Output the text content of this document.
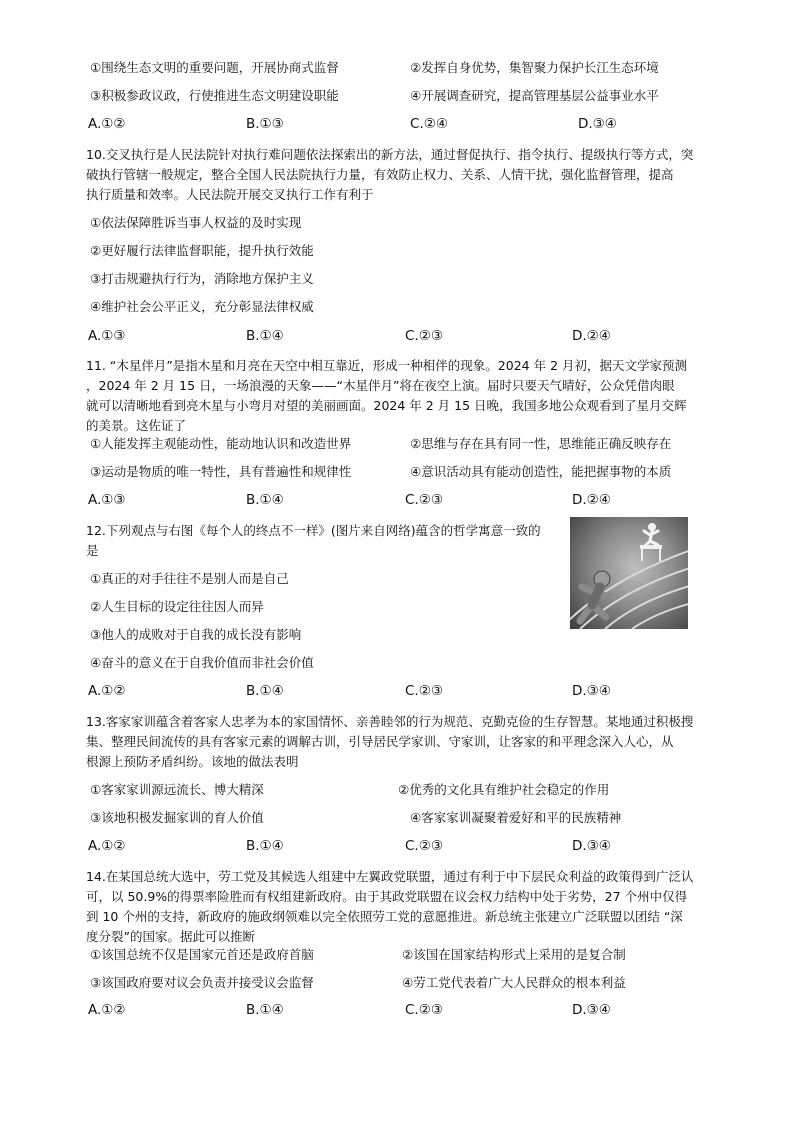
①围绕生态文明的重要问题，开展协商式监督	②发挥自身优势，集智聚力保护长江生态环境
③积极参政议政，行使推进生态文明建设职能	④开展调查研究，提高管理基层公益事业水平
A.①②	B.①③	C.②④	D.③④
10.交叉执行是人民法院针对执行难问题依法探索出的新方法，通过督促执行、指令执行、提级执行等方式，突
破执行管辖一般规定，整合全国人民法院执行力量，有效防止权力、关系、人情干扰，强化监督管理，提高
执行质量和效率。人民法院开展交叉执行工作有利于
①依法保障胜诉当事人权益的及时实现
②更好履行法律监督职能，提升执行效能
③打击规避执行行为，消除地方保护主义
④维护社会公平正义，充分彰显法律权威
A.①③	B.①④	C.②③	D.②④
11. “木星伴月”是指木星和月亮在天空中相互靠近，形成一种相伴的现象。2024 年 2 月初，据天文学家预测
，2024 年 2 月 15 日，一场浪漫的天象——“木星伴月”将在夜空上演。届时只要天气晴好，公众凭借肉眼
就可以清晰地看到亮木星与小弯月对望的美丽画面。2024 年 2 月 15 日晚，我国多地公众观看到了星月交辉
的美景。这佐证了
①人能发挥主观能动性，能动地认识和改造世界	②思维与存在具有同一性，思维能正确反映存在
③运动是物质的唯一特性，具有普遍性和规律性	④意识活动具有能动创造性，能把握事物的本质
A.①③	B.①④	C.②③	D.②④
12.下列观点与右图《每个人的终点不一样》(图片来自网络)蕴含的哲学寓意一致的
是
①真正的对手往往不是别人而是自己
②人生目标的设定往往因人而异
③他人的成败对于自我的成长没有影响
④奋斗的意义在于自我价值而非社会价值
A.①②	B.①④	C.②③	D.③④
13.客家家训蕴含着客家人忠孝为本的家国情怀、亲善睦邻的行为规范、克勤克俭的生存智慧。某地通过积极搜
集、整理民间流传的具有客家元素的调解古训，引导居民学家训、守家训，让客家的和平理念深入人心，从
根源上预防矛盾纠纷。该地的做法表明
①客家家训源远流长、博大精深	②优秀的文化具有维护社会稳定的作用
③该地积极发掘家训的育人价值	④客家家训凝聚着爱好和平的民族精神
A.①②	B.①④	C.②③	D.③④
14.在某国总统大选中，劳工党及其候选人组建中左翼政党联盟，通过有利于中下层民众利益的政策得到广泛认
可，以 50.9%的得票率险胜而有权组建新政府。由于其政党联盟在议会权力结构中处于劣势，27 个州中仅得
到 10 个州的支持，新政府的施政纲领难以完全依照劳工党的意愿推进。新总统主张建立广泛联盟以团结 “深
度分裂”的国家。据此可以推断
①该国总统不仅是国家元首还是政府首脑	②该国在国家结构形式上采用的是复合制
③该国政府要对议会负责并接受议会监督	④劳工党代表着广大人民群众的根本利益
A.①②	B.①④	C.②③	D.③④
